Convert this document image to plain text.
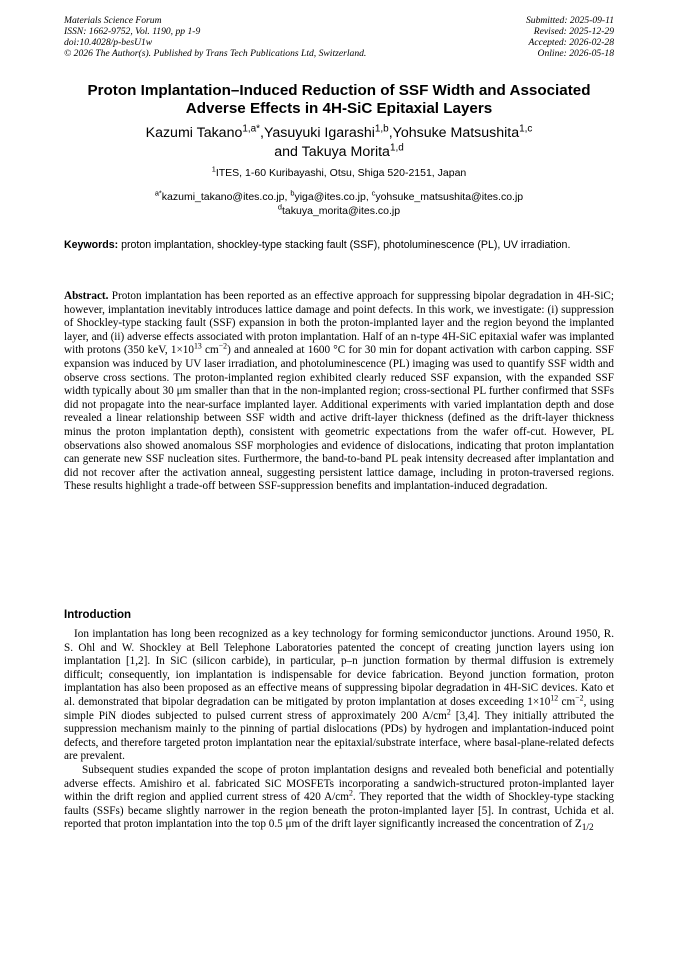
Materials Science Forum
ISSN: 1662-9752, Vol. 1190, pp 1-9
doi:10.4028/p-besU1w
© 2026 The Author(s). Published by Trans Tech Publications Ltd, Switzerland.
Submitted: 2025-09-11
Revised: 2025-12-29
Accepted: 2026-02-28
Online: 2026-05-18
Proton Implantation–Induced Reduction of SSF Width and Associated
Adverse Effects in 4H-SiC Epitaxial Layers
Kazumi Takano$^{1,a*}$,Yasuyuki Igarashi$^{1,b}$,Yohsuke Matsushita$^{1,c}$
and Takuya Morita$^{1,d}$
$^1$ITES, 1-60 Kuribayashi, Otsu, Shiga 520-2151, Japan
$^{a*}$kazumi_takano@ites.co.jp, $^b$yiga@ites.co.jp, $^c$yohsuke_matsushita@ites.co.jp
$^d$takuya_morita@ites.co.jp
Keywords: proton implantation, shockley-type stacking fault (SSF), photoluminescence (PL), UV irradiation.
Abstract. Proton implantation has been reported as an effective approach for suppressing bipolar degradation in 4H-SiC; however, implantation inevitably introduces lattice damage and point defects. In this work, we investigate: (i) suppression of Shockley-type stacking fault (SSF) expansion in both the proton-implanted layer and the region beyond the implanted layer, and (ii) adverse effects associated with proton implantation. Half of an n-type 4H-SiC epitaxial wafer was implanted with protons (350 keV, $1\times 10^{13}$ $cm^{-2}$) and annealed at 1600 °C for 30 min for dopant activation with carbon capping. SSF expansion was induced by UV laser irradiation, and photoluminescence (PL) imaging was used to quantify SSF width and observe cross sections. The proton-implanted region exhibited clearly reduced SSF expansion, with the expanded SSF width typically about 30 μm smaller than that in the non-implanted region; cross-sectional PL further confirmed that SSFs did not propagate into the near-surface implanted layer. Additional experiments with varied implantation depth and dose revealed a linear relationship between SSF width and active drift-layer thickness (defined as the drift-layer thickness minus the proton implantation depth), consistent with geometric expectations from the wafer off-cut. However, PL observations also showed anomalous SSF morphologies and evidence of dislocations, indicating that proton implantation can generate new SSF nucleation sites. Furthermore, the band-to-band PL peak intensity decreased after implantation and did not recover after the activation anneal, suggesting persistent lattice damage, including in proton-traversed regions. These results highlight a trade-off between SSF-suppression benefits and implantation-induced degradation.
Introduction

Ion implantation has long been recognized as a key technology for forming semiconductor junctions. Around 1950, R. S. Ohl and W. Shockley at Bell Telephone Laboratories patented the concept of creating junction layers using ion implantation [1,2]. In SiC (silicon carbide), in particular, p–n junction formation by thermal diffusion is extremely difficult; consequently, ion implantation is indispensable for device fabrication. Beyond junction formation, proton implantation has also been proposed as an effective means of suppressing bipolar degradation in 4H-SiC devices. Kato et al. demonstrated that bipolar degradation can be mitigated by proton implantation at doses exceeding $1\times 10^{12}$ $cm^{-2}$, using simple PiN diodes subjected to pulsed current stress of approximately 200 $A/cm^2$ [3,4]. They initially attributed the suppression mechanism mainly to the pinning of partial dislocations (PDs) by hydrogen and implantation-induced point defects, and therefore targeted proton implantation near the epitaxial/substrate interface, where basal-plane-related defects are prevalent.

Subsequent studies expanded the scope of proton implantation designs and revealed both beneficial and potentially adverse effects. Amishiro et al. fabricated SiC MOSFETs incorporating a sandwich-structured proton-implanted layer within the drift region and applied current stress of 420 $A/cm^2$. They reported that the width of Shockley-type stacking faults (SSFs) became slightly narrower in the region beneath the proton-implanted layer [5]. In contrast, Uchida et al. reported that proton implantation into the top 0.5 μm of the drift layer significantly increased the concentration of $Z_{1/2}$
